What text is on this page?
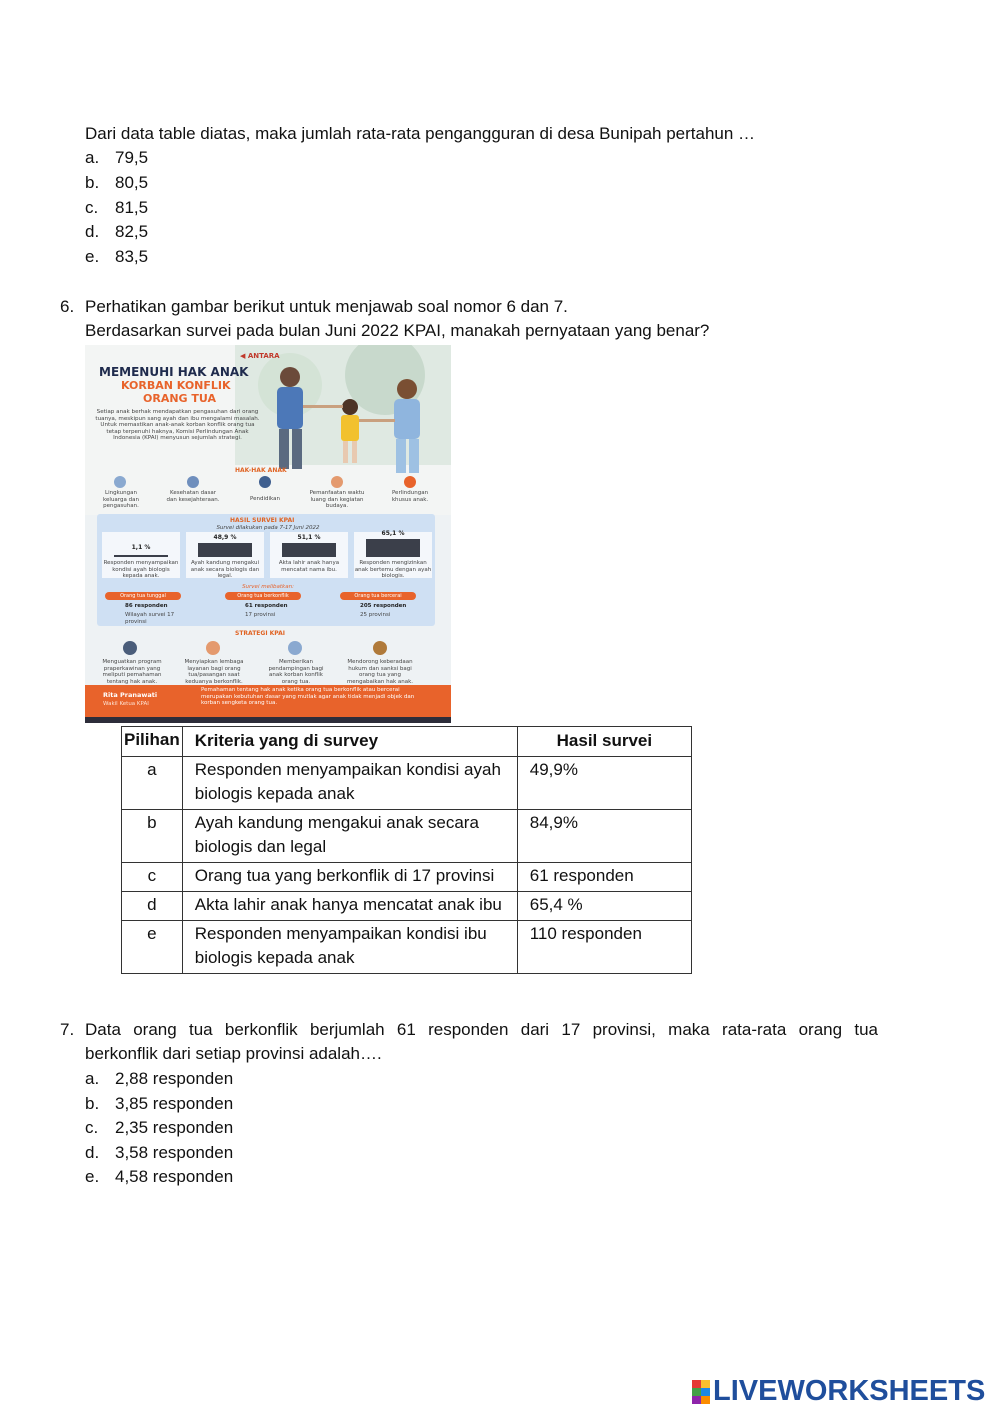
Dari data table diatas, maka jumlah rata-rata pengangguran di desa Bunipah pertahun …
a. 79,5
b. 80,5
c. 81,5
d. 82,5
e. 83,5
6. Perhatikan gambar berikut untuk menjawab soal nomor 6 dan 7.
Berdasarkan survei pada bulan Juni 2022 KPAI, manakah pernyataan yang benar?
◀ ANTARA
MEMENUHI HAK ANAK
KORBAN KONFLIK
ORANG TUA
Setiap anak berhak mendapatkan pengasuhan dari orang tuanya, meskipun sang ayah dan ibu mengalami masalah. Untuk memastikan anak-anak korban konflik orang tua tetap terpenuhi haknya, Komisi Perlindungan Anak Indonesia (KPAI) menyusun sejumlah strategi.
HAK-HAK ANAK
Lingkungan keluarga dan pengasuhan.
Kesehatan dasar dan kesejahteraan.	Pendidikan
Pemanfaatan waktu luang dan kegiatan budaya.
Perlindungan khusus anak.
HASIL SURVEI KPAI
Survei dilakukan pada 7-17 Juni 2022
1,1 %
48,9 %	51,1 %
65,1 %
Responden menyampaikan kondisi ayah biologis kepada anak.
Ayah kandung mengakui anak secara biologis dan legal.
Akta lahir anak hanya mencatat nama ibu.
Responden mengizinkan anak bertemu dengan ayah biologis.
Survei melibatkan:
Orang tua tunggal	Orang tua berkonflik	Orang tua bercerai
86 responden	61 responden	205 responden
Wilayah survei 17 provinsi
17 provinsi	25 provinsi
STRATEGI KPAI
Menguatkan program praperkawinan yang meliputi pemahaman tentang hak anak.
Menyiapkan lembaga layanan bagi orang tua/pasangan saat keduanya berkonflik.
Memberikan pendampingan bagi anak korban konflik orang tua.
Mendorong keberadaan hukum dan sanksi bagi orang tua yang mengabaikan hak anak.
Rita Pranawati
Wakil Ketua KPAI
Pemahaman tentang hak anak ketika orang tua berkonflik atau bercerai merupakan kebutuhan dasar yang mutlak agar anak tidak menjadi objek dan korban sengketa orang tua.
Pilihan	Kriteria yang di survey	Hasil survei
a	Responden menyampaikan kondisi ayah biologis kepada anak	49,9%
b	Ayah kandung mengakui anak secara biologis dan legal	84,9%
c	Orang tua yang berkonflik di 17 provinsi	61 responden
d	Akta lahir anak hanya mencatat anak ibu	65,4 %
e	Responden menyampaikan kondisi ibu biologis kepada anak	110 responden
7. Data orang tua berkonflik berjumlah 61 responden dari 17 provinsi, maka rata-rata orang tua
berkonflik dari setiap provinsi adalah….
a. 2,88 responden
b. 3,85 responden
c. 2,35 responden
d. 3,58 responden
e. 4,58 responden
LIVEWORKSHEETS
